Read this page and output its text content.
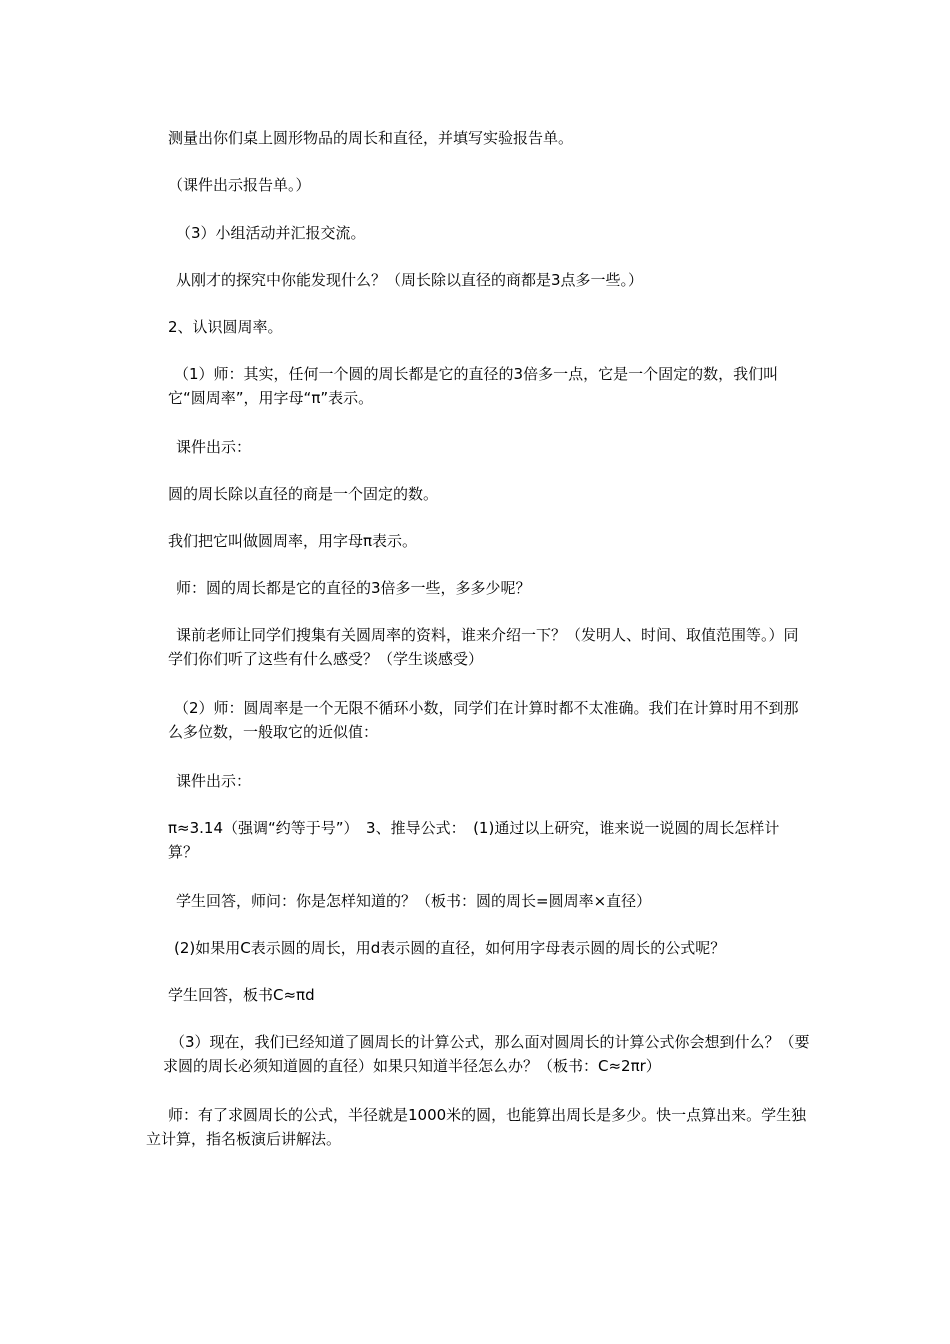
测量出你们桌上圆形物品的周长和直径，并填写实验报告单。

（课件出示报告单。）

（3）小组活动并汇报交流。

从刚才的探究中你能发现什么？（周长除以直径的商都是3点多一些。）

2、认识圆周率。

（1）师：其实，任何一个圆的周长都是它的直径的3倍多一点，它是一个固定的数，我们叫它“圆周率”，用字母“π”表示。

课件出示：

圆的周长除以直径的商是一个固定的数。

我们把它叫做圆周率，用字母π表示。

师：圆的周长都是它的直径的3倍多一些，多多少呢？

课前老师让同学们搜集有关圆周率的资料，谁来介绍一下？（发明人、时间、取值范围等。）同学们你们听了这些有什么感受？（学生谈感受）

（2）师：圆周率是一个无限不循环小数，同学们在计算时都不太准确。我们在计算时用不到那么多位数，一般取它的近似值：

课件出示：

π≈3.14（强调“约等于号”）　3、推导公式：　(1)通过以上研究，谁来说一说圆的周长怎样计算？

学生回答，师问：你是怎样知道的？（板书：圆的周长=圆周率×直径）

(2)如果用C表示圆的周长，用d表示圆的直径，如何用字母表示圆的周长的公式呢？

学生回答，板书C≈πd

（3）现在，我们已经知道了圆周长的计算公式，那么面对圆周长的计算公式你会想到什么？（要求圆的周长必须知道圆的直径）如果只知道半径怎么办？（板书：C≈2πr）

师：有了求圆周长的公式，半径就是1000米的圆，也能算出周长是多少。快一点算出来。学生独立计算，指名板演后讲解法。
